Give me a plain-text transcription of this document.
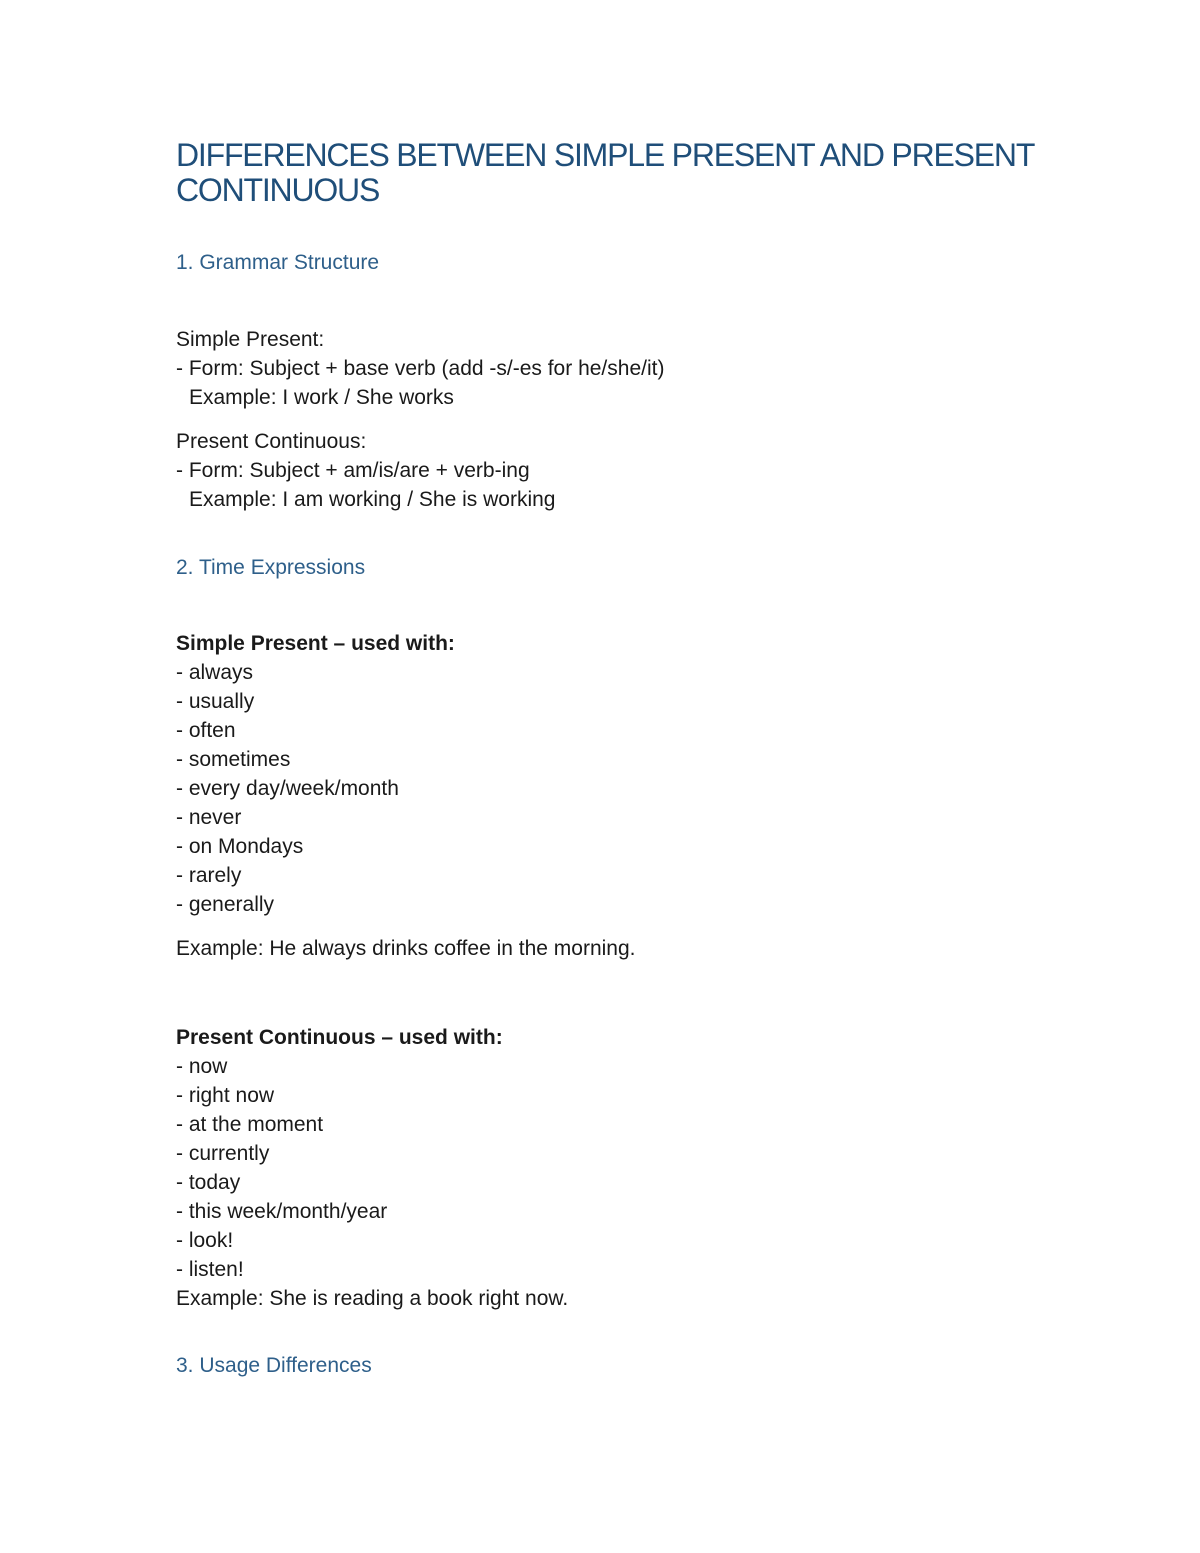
DIFFERENCES BETWEEN SIMPLE PRESENT AND PRESENT CONTINUOUS
1. Grammar Structure
Simple Present:
- Form: Subject + base verb (add -s/-es for he/she/it)
Example: I work / She works
Present Continuous:
- Form: Subject + am/is/are + verb-ing
Example: I am working / She is working
2. Time Expressions
Simple Present – used with:
- always
- usually
- often
- sometimes
- every day/week/month
- never
- on Mondays
- rarely
- generally
Example: He always drinks coffee in the morning.
Present Continuous – used with:
- now
- right now
- at the moment
- currently
- today
- this week/month/year
- look!
- listen!
Example: She is reading a book right now.
3. Usage Differences
